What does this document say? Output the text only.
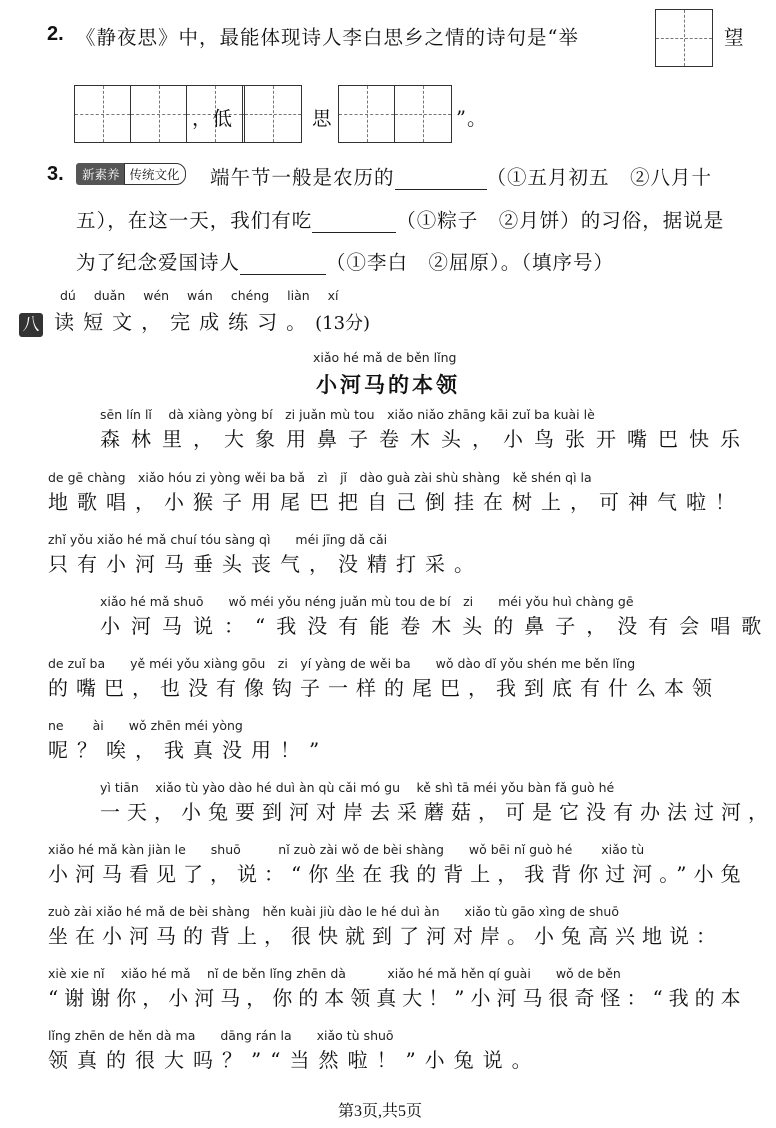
2. 《静夜思》中，最能体现诗人李白思乡之情的诗句是“举	望
，低	思	”。
3.	新素养 传统文化	端午节一般是农历的	（①五月初五　②八月十
五），在这一天，我们有吃	（①粽子　②月饼）的习俗，据说是
为了纪念爱国诗人	（①李白　②屈原）。（填序号）
dú duǎn wén wán chéng liàn xí
八 读短文，完成练习。(13分)
xiǎo hé mǎ de běn lǐng
小河马的本领
sēn lín lǐ　 dà xiàng yòng bí　zi juǎn mù tou　xiǎo niǎo zhāng kāi zuǐ ba kuài lè
森林里，大象用鼻子卷木头，小鸟张开嘴巴快乐
de gē chàng　xiǎo hóu zi yòng wěi ba bǎ　zì　jǐ　dào guà zài shù shàng　kě shén qì la
地歌唱，小猴子用尾巴把自己倒挂在树上，可神气啦！
zhǐ yǒu xiǎo hé mǎ chuí tóu sàng qì　　méi jīng dǎ cǎi
只有小河马垂头丧气，没精打采。
xiǎo hé mǎ shuō　　wǒ méi yǒu néng juǎn mù tou de bí　zi　　méi yǒu huì chàng gē
小河马说：“我没有能卷木头的鼻子，没有会唱歌
de zuǐ ba　　yě méi yǒu xiàng gōu　zi　yí yàng de wěi ba　　wǒ dào dǐ yǒu shén me běn lǐng
的嘴巴，也没有像钩子一样的尾巴，我到底有什么本领
ne　　 ài　　wǒ zhēn méi yòng
呢？唉，我真没用！”
yì tiān　 xiǎo tù yào dào hé duì àn qù cǎi mó gu　 kě shì tā méi yǒu bàn fǎ guò hé
一天，小兔要到河对岸去采蘑菇，可是它没有办法过河，
xiǎo hé mǎ kàn jiàn le　　shuō　　　nǐ zuò zài wǒ de bèi shàng　　wǒ bēi nǐ guò hé　　 xiǎo tù
小河马看见了，说：“你坐在我的背上，我背你过河。”小兔
zuò zài xiǎo hé mǎ de bèi shàng　hěn kuài jiù dào le hé duì àn　　xiǎo tù gāo xìng de shuō
坐在小河马的背上，很快就到了河对岸。小兔高兴地说：
xiè xie nǐ　 xiǎo hé mǎ　 nǐ de běn lǐng zhēn dà　　　 xiǎo hé mǎ hěn qí guài　　wǒ de běn
“谢谢你，小河马，你的本领真大！”小河马很奇怪：“我的本
lǐng zhēn de hěn dà ma　　dāng rán la　　xiǎo tù shuō
领真的很大吗？”“当然啦！”小兔说。
第3页,共5页
